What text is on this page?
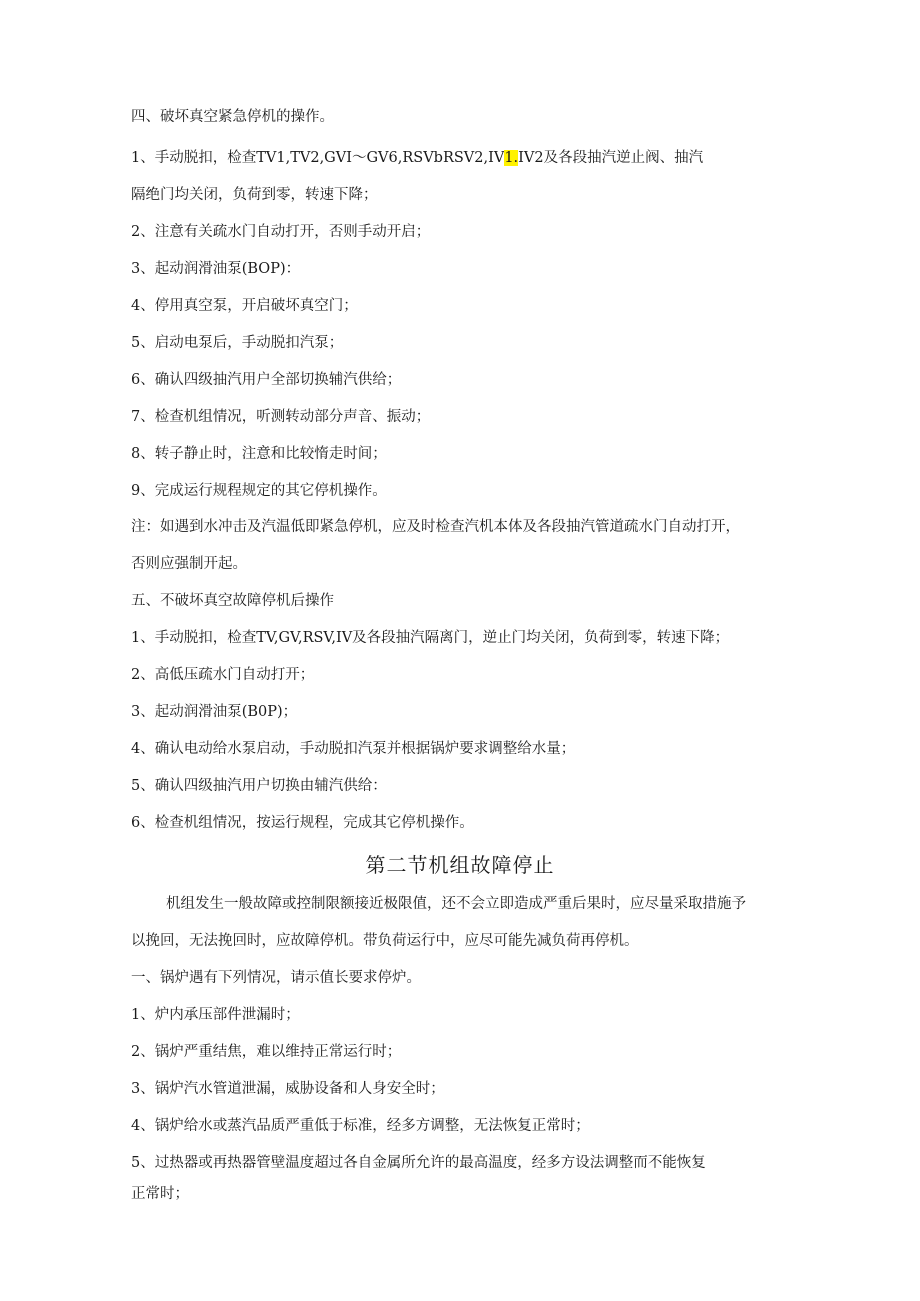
四、破坏真空紧急停机的操作。
1、手动脱扣，检查TV1,TV2,GVI～GV6,RSVbRSV2,IV1.IV2及各段抽汽逆止阀、抽汽
隔绝门均关闭，负荷到零，转速下降；
2、注意有关疏水门自动打开，否则手动开启；
3、起动润滑油泵(BOP)：
4、停用真空泵，开启破坏真空门；
5、启动电泵后，手动脱扣汽泵；
6、确认四级抽汽用户全部切换辅汽供给；
7、检查机组情况，听测转动部分声音、振动；
8、转子静止时，注意和比较惰走时间；
9、完成运行规程规定的其它停机操作。
注：如遇到水冲击及汽温低即紧急停机，应及时检查汽机本体及各段抽汽管道疏水门自动打开，
否则应强制开起。
五、不破坏真空故障停机后操作
1、手动脱扣，检查TV,GV,RSV,IV及各段抽汽隔离门，逆止门均关闭，负荷到零，转速下降；
2、高低压疏水门自动打开；
3、起动润滑油泵(B0P)；
4、确认电动给水泵启动，手动脱扣汽泵并根据锅炉要求调整给水量；
5、确认四级抽汽用户切换由辅汽供给：
6、检查机组情况，按运行规程，完成其它停机操作。
第二节机组故障停止
机组发生一般故障或控制限额接近极限值，还不会立即造成严重后果时，应尽量采取措施予
以挽回，无法挽回时，应故障停机。带负荷运行中，应尽可能先减负荷再停机。
一、锅炉遇有下列情况，请示值长要求停炉。
1、炉内承压部件泄漏时；
2、锅炉严重结焦，难以维持正常运行时；
3、锅炉汽水管道泄漏，威胁设备和人身安全时；
4、锅炉给水或蒸汽品质严重低于标准，经多方调整，无法恢复正常时；
5、过热器或再热器管壁温度超过各自金属所允许的最高温度，经多方设法调整而不能恢复
正常时；
